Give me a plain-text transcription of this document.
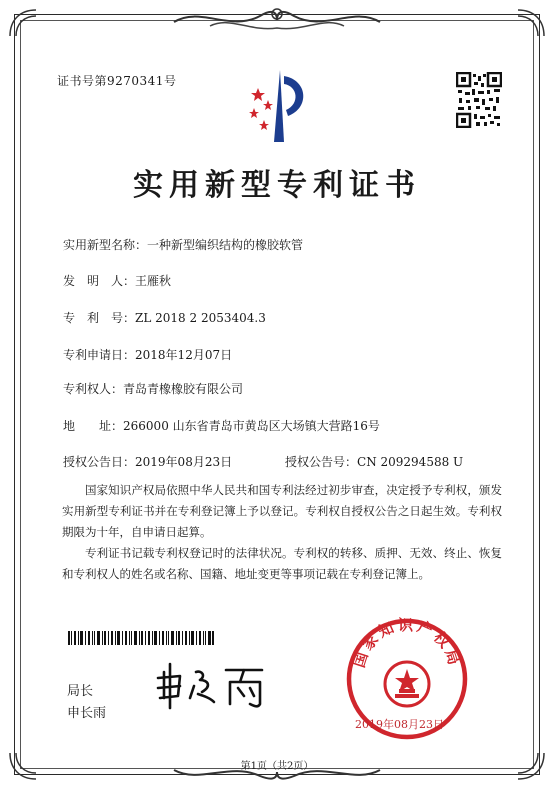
证书号第9270341号
实用新型专利证书
实用新型名称：一种新型编织结构的橡胶软管
发　明　人：王雁秋
专　利　号：ZL 2018 2 2053404.3
专利申请日：2018年12月07日
专利权人：青岛青橡橡胶有限公司
地　　址：266000 山东省青岛市黄岛区大场镇大营路16号
授权公告日：2019年08月23日	授权公告号：CN 209294588 U
国家知识产权局依照中华人民共和国专利法经过初步审查，决定授予专利权，颁发实用新型专利证书并在专利登记簿上予以登记。专利权自授权公告之日起生效。专利权期限为十年，自申请日起算。
专利证书记载专利权登记时的法律状况。专利权的转移、质押、无效、终止、恢复和专利权人的姓名或名称、国籍、地址变更等事项记载在专利登记簿上。
局长
申长雨
国家知识产权局
2019年08月23日
第1页（共2页）
